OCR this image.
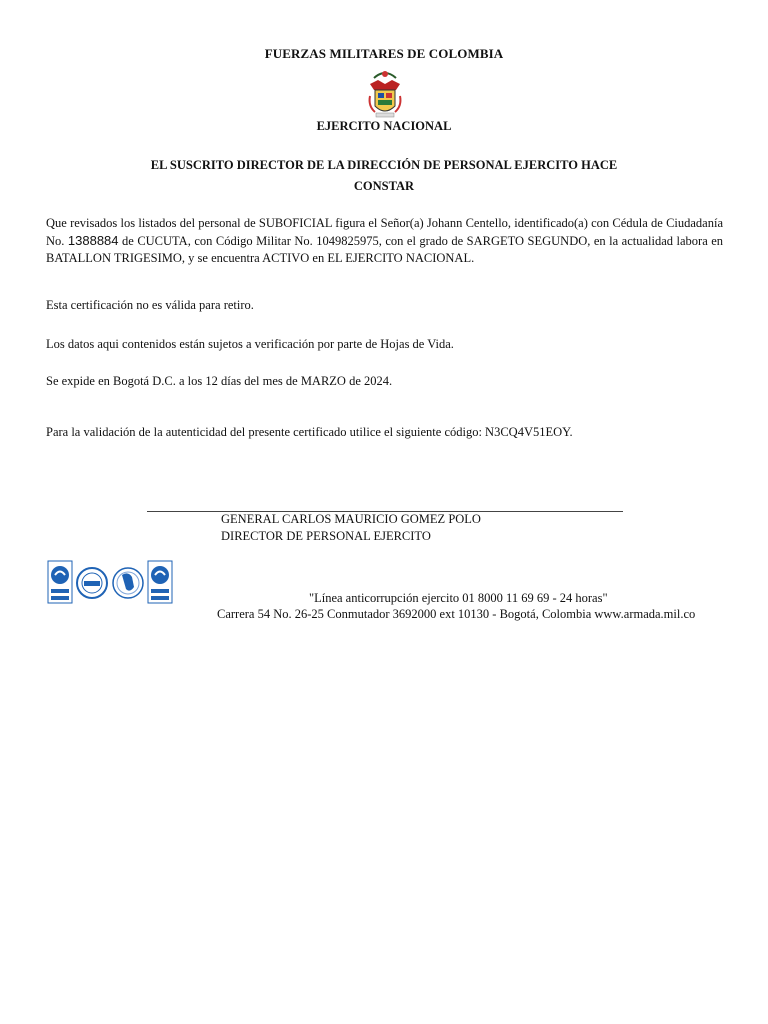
FUERZAS MILITARES DE COLOMBIA
EJERCITO NACIONAL
EL SUSCRITO DIRECTOR DE LA DIRECCIÓN DE PERSONAL EJERCITO HACE
CONSTAR
Que revisados los listados del personal de SUBOFICIAL figura el Señor(a) Johann Centello, identificado(a) con Cédula de Ciudadanía No. 1388884 de CUCUTA, con Código Militar No. 1049825975, con el grado de SARGETO SEGUNDO, en la actualidad labora en BATALLON TRIGESIMO, y se encuentra ACTIVO en EL EJERCITO NACIONAL.
Esta certificación no es válida para retiro.
Los datos aqui contenidos están sujetos a verificación por parte de Hojas de Vida.
Se expide en Bogotá D.C. a los 12 días del mes de MARZO de 2024.
Para la validación de la autenticidad del presente certificado utilice el siguiente código: N3CQ4V51EOY.
GENERAL CARLOS MAURICIO GOMEZ POLO
DIRECTOR DE PERSONAL EJERCITO
"Línea anticorrupción ejercito 01 8000 11 69 69 - 24 horas"
Carrera 54 No. 26-25 Conmutador 3692000 ext 10130 - Bogotá, Colombia www.armada.mil.co
